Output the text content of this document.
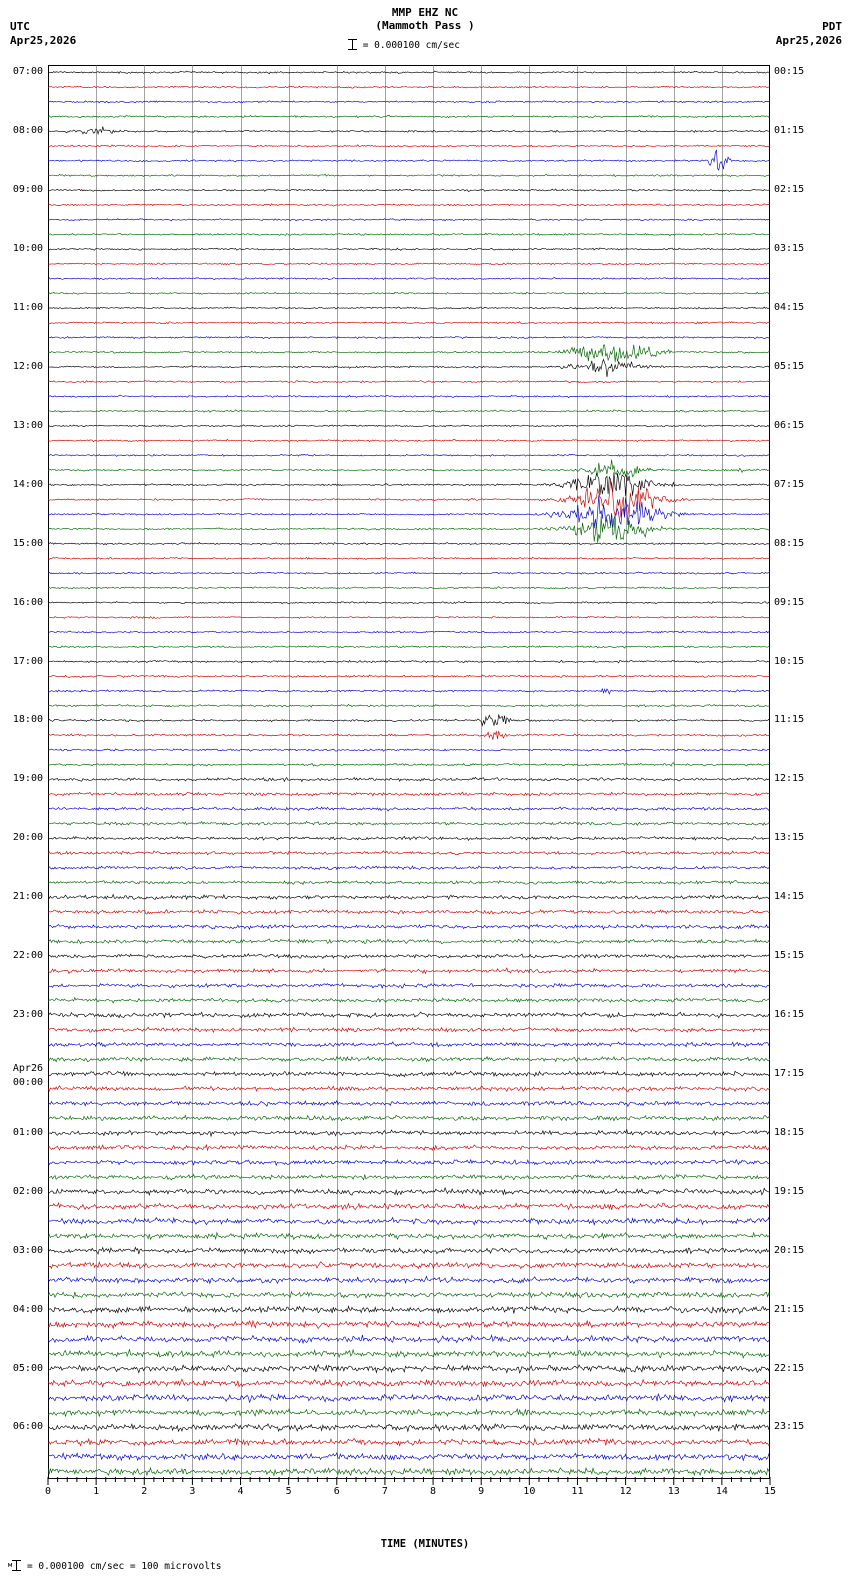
MMP EHZ NC
(Mammoth Pass )
UTC
Apr25,2026
PDT
Apr25,2026
= 0.000100 cm/sec
07:00
08:00
09:00
10:00
11:00
12:00
13:00
14:00
15:00
16:00
17:00
18:00
19:00
20:00
21:00
22:00
23:00
Apr26
00:00
01:00
02:00
03:00
04:00
05:00
06:00
00:15
01:15
02:15
03:15
04:15
05:15
06:15
07:15
08:15
09:15
10:15
11:15
12:15
13:15
14:15
15:15
16:15
17:15
18:15
19:15
20:15
21:15
22:15
23:15
0	1	2	3	4	5	6	7	8	9	10	11	12	13	14	15
TIME (MINUTES)
$^м$ = 0.000100 cm/sec = 100 microvolts
